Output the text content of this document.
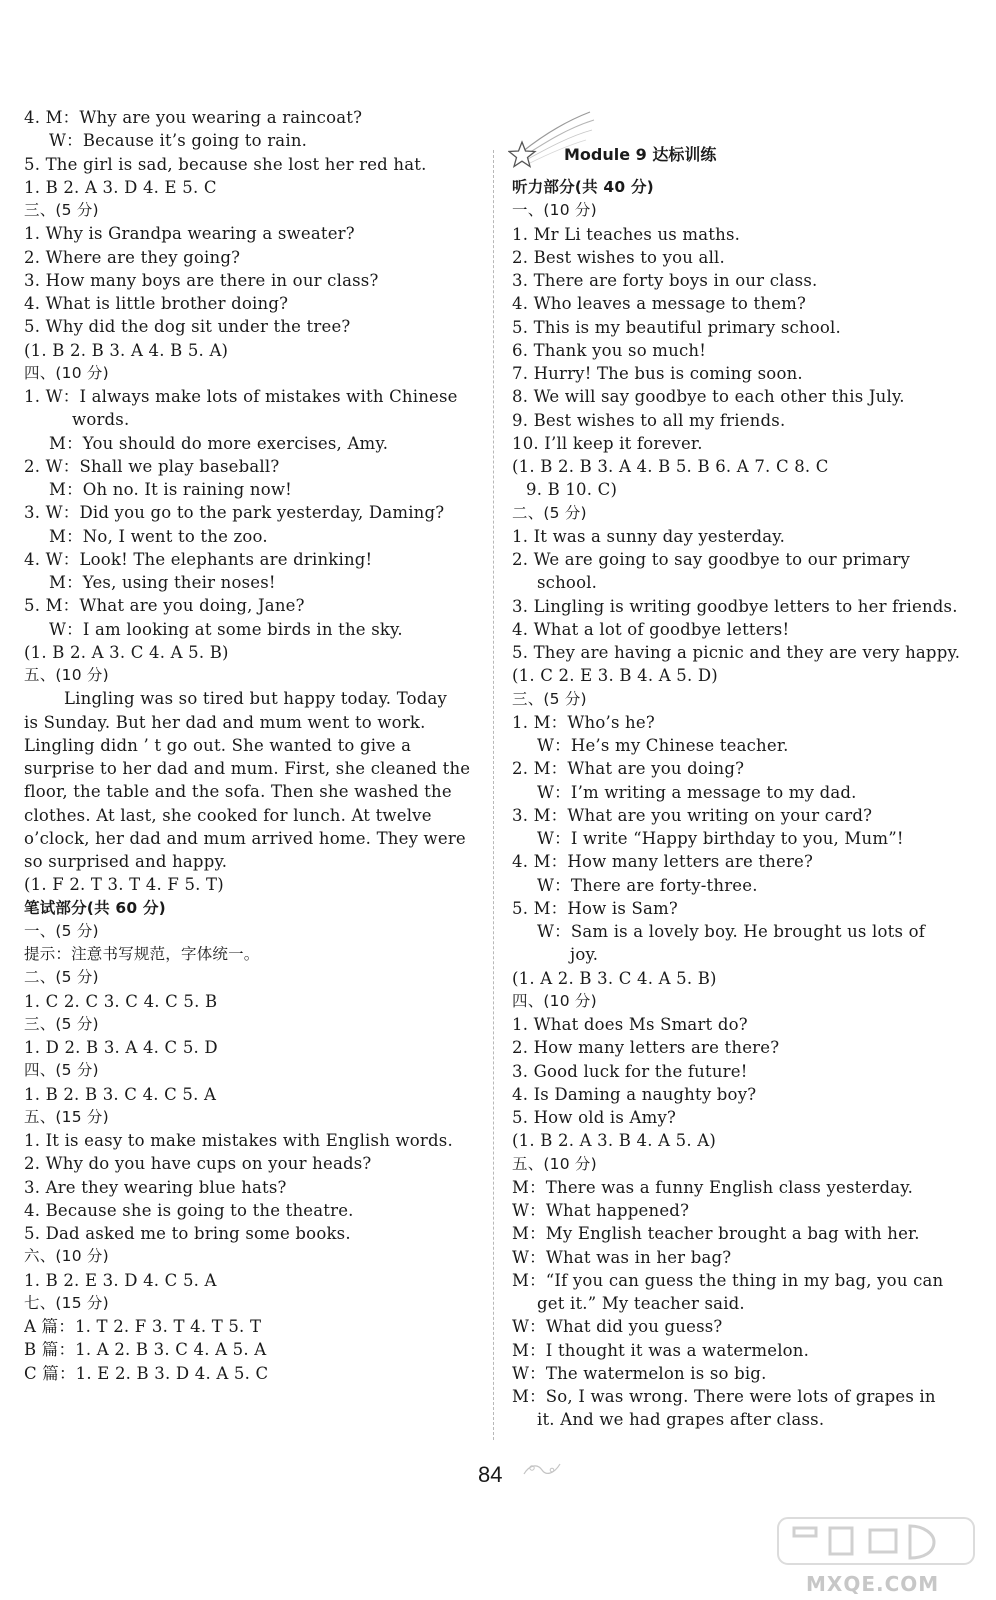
4. M：Why are you wearing a raincoat?
W：Because it’s going to rain.
5. The girl is sad, because she lost her red hat.
1. B 2. A 3. D 4. E 5. C
三、(5 分)
1. Why is Grandpa wearing a sweater?
2. Where are they going?
3. How many boys are there in our class?
4. What is little brother doing?
5. Why did the dog sit under the tree?
(1. B 2. B 3. A 4. B 5. A)
四、(10 分)
1. W：I always make lots of mistakes with Chinese
words.
M：You should do more exercises, Amy.
2. W：Shall we play baseball?
M：Oh no. It is raining now!
3. W：Did you go to the park yesterday, Daming?
M：No, I went to the zoo.
4. W：Look! The elephants are drinking!
M：Yes, using their noses!
5. M：What are you doing, Jane?
W：I am looking at some birds in the sky.
(1. B 2. A 3. C 4. A 5. B)
五、(10 分)
Lingling was so tired but happy today. Today
is Sunday. But her dad and mum went to work.
Lingling didn ’ t go out. She wanted to give a
surprise to her dad and mum. First, she cleaned the
floor, the table and the sofa. Then she washed the
clothes. At last, she cooked for lunch. At twelve
o’clock, her dad and mum arrived home. They were
so surprised and happy.
(1. F 2. T 3. T 4. F 5. T)
笔试部分(共 60 分)
一、(5 分)
提示：注意书写规范，字体统一。
二、(5 分)
1. C 2. C 3. C 4. C 5. B
三、(5 分)
1. D 2. B 3. A 4. C 5. D
四、(5 分)
1. B 2. B 3. C 4. C 5. A
五、(15 分)
1. It is easy to make mistakes with English words.
2. Why do you have cups on your heads?
3. Are they wearing blue hats?
4. Because she is going to the theatre.
5. Dad asked me to bring some books.
六、(10 分)
1. B 2. E 3. D 4. C 5. A
七、(15 分)
A 篇：1. T 2. F 3. T 4. T 5. T
B 篇：1. A 2. B 3. C 4. A 5. A
C 篇：1. E 2. B 3. D 4. A 5. C
Module 9 达标训练
听力部分(共 40 分)
一、(10 分)
1. Mr Li teaches us maths.
2. Best wishes to you all.
3. There are forty boys in our class.
4. Who leaves a message to them?
5. This is my beautiful primary school.
6. Thank you so much!
7. Hurry! The bus is coming soon.
8. We will say goodbye to each other this July.
9. Best wishes to all my friends.
10. I’ll keep it forever.
(1. B 2. B 3. A 4. B 5. B 6. A 7. C 8. C
9. B 10. C)
二、(5 分)
1. It was a sunny day yesterday.
2. We are going to say goodbye to our primary
school.
3. Lingling is writing goodbye letters to her friends.
4. What a lot of goodbye letters!
5. They are having a picnic and they are very happy.
(1. C 2. E 3. B 4. A 5. D)
三、(5 分)
1. M：Who’s he?
W：He’s my Chinese teacher.
2. M：What are you doing?
W：I’m writing a message to my dad.
3. M：What are you writing on your card?
W：I write “Happy birthday to you, Mum”!
4. M：How many letters are there?
W：There are forty-three.
5. M：How is Sam?
W：Sam is a lovely boy. He brought us lots of
joy.
(1. A 2. B 3. C 4. A 5. B)
四、(10 分)
1. What does Ms Smart do?
2. How many letters are there?
3. Good luck for the future!
4. Is Daming a naughty boy?
5. How old is Amy?
(1. B 2. A 3. B 4. A 5. A)
五、(10 分)
M：There was a funny English class yesterday.
W：What happened?
M：My English teacher brought a bag with her.
W：What was in her bag?
M：“If you can guess the thing in my bag, you can
get it.” My teacher said.
W：What did you guess?
M：I thought it was a watermelon.
W：The watermelon is so big.
M：So, I was wrong. There were lots of grapes in
it. And we had grapes after class.
84
MXQE.COM
